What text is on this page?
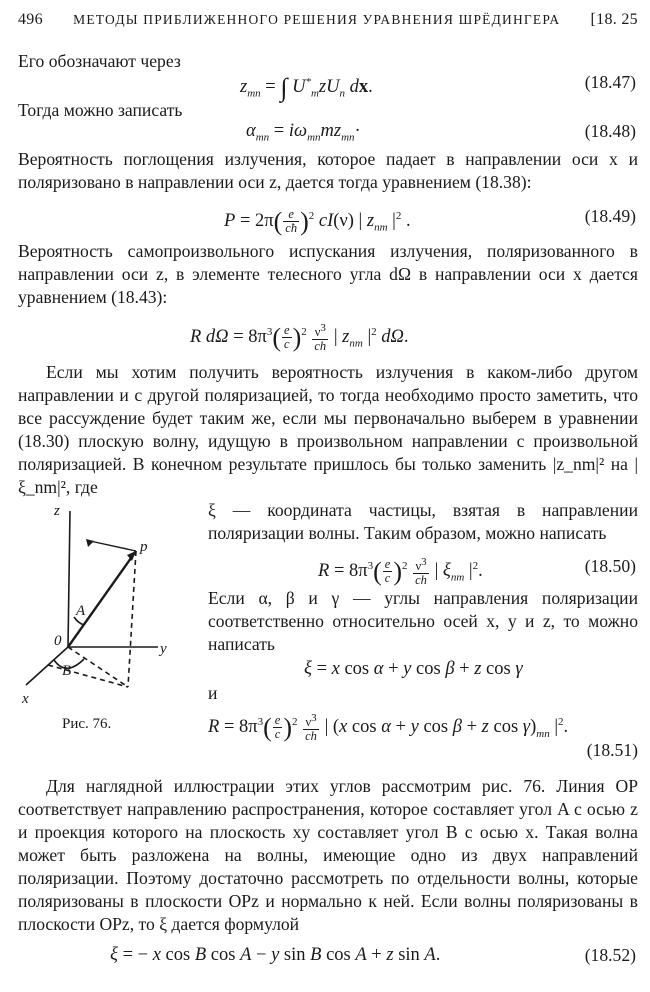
496 МЕТОДЫ ПРИБЛИЖЕННОГО РЕШЕНИЯ УРАВНЕНИЯ ШРЁДИНГЕРА [18. 25

Его обозначают через

$z_{mn}$ = ∫ $U^*_mzU_n$ dx.	(18.47)

Тогда можно записать

$\alpha_{mn} = i\omega_{mn}mz_{mn}\cdot$	(18.48)

Вероятность поглощения излучения, которое падает в направлении оси x и поляризовано в направлении оси z, дается тогда уравнением (18.38):

$P = 2\pi( \frac{e}{cħ} )^2$ cI(ν) | $z_{nm}$ $|^2$ .	(18.49)

Вероятность самопроизвольного испускания излучения, поляризованного в направлении оси z, в элементе телесного угла dΩ в направлении оси x дается уравнением (18.43):

R $d\Omega = 8\pi^3( \frac{e}{c} )^2 \frac{\nu^3}{ch}$ | $z_{nm}$ $|^2$ dΩ.

Если мы хотим получить вероятность излучения в каком-либо другом направлении и с другой поляризацией, то тогда необходимо просто заметить, что все рассуждение будет таким же, если мы первоначально выберем в уравнении (18.30) плоскую волну, идущую в произвольном направлении с произвольной поляризацией. В конечном результате пришлось бы только заменить |z_nm|² на |ξ_nm|², где

z
p
A
0	y
B
x
Рис. 76.

ξ — координата частицы, взятая в направлении поляризации волны. Таким образом, можно написать

$R = 8\pi^3( \frac{e}{c} )^2 \frac{\nu^3}{ch}$ | $\xi_{nm}$ $|^2$.	(18.50)

Если α, β и γ — углы направления поляризации соответственно относительно осей x, y и z, то можно написать

ξ = x cos α + y cos β + z cos γ

и

$R = 8\pi^3( \frac{e}{c} )^2 \frac{\nu^3}{ch}$ | (x cos α + y cos β + z $\cos \gamma)_{mn}$ $|^2$.
(18.51)

Для наглядной иллюстрации этих углов рассмотрим рис. 76. Линия OP соответствует направлению распространения, которое составляет угол A с осью z и проекция которого на плоскость xy составляет угол B с осью x. Такая волна может быть разложена на волны, имеющие одно из двух направлений поляризации. Поэтому достаточно рассмотреть по отдельности волны, которые поляризованы в плоскости OPz и нормально к ней. Если волны поляризованы в плоскости OPz, то ξ дается формулой

ξ = − x cos B cos A − y sin B cos A + z sin A.	(18.52)
